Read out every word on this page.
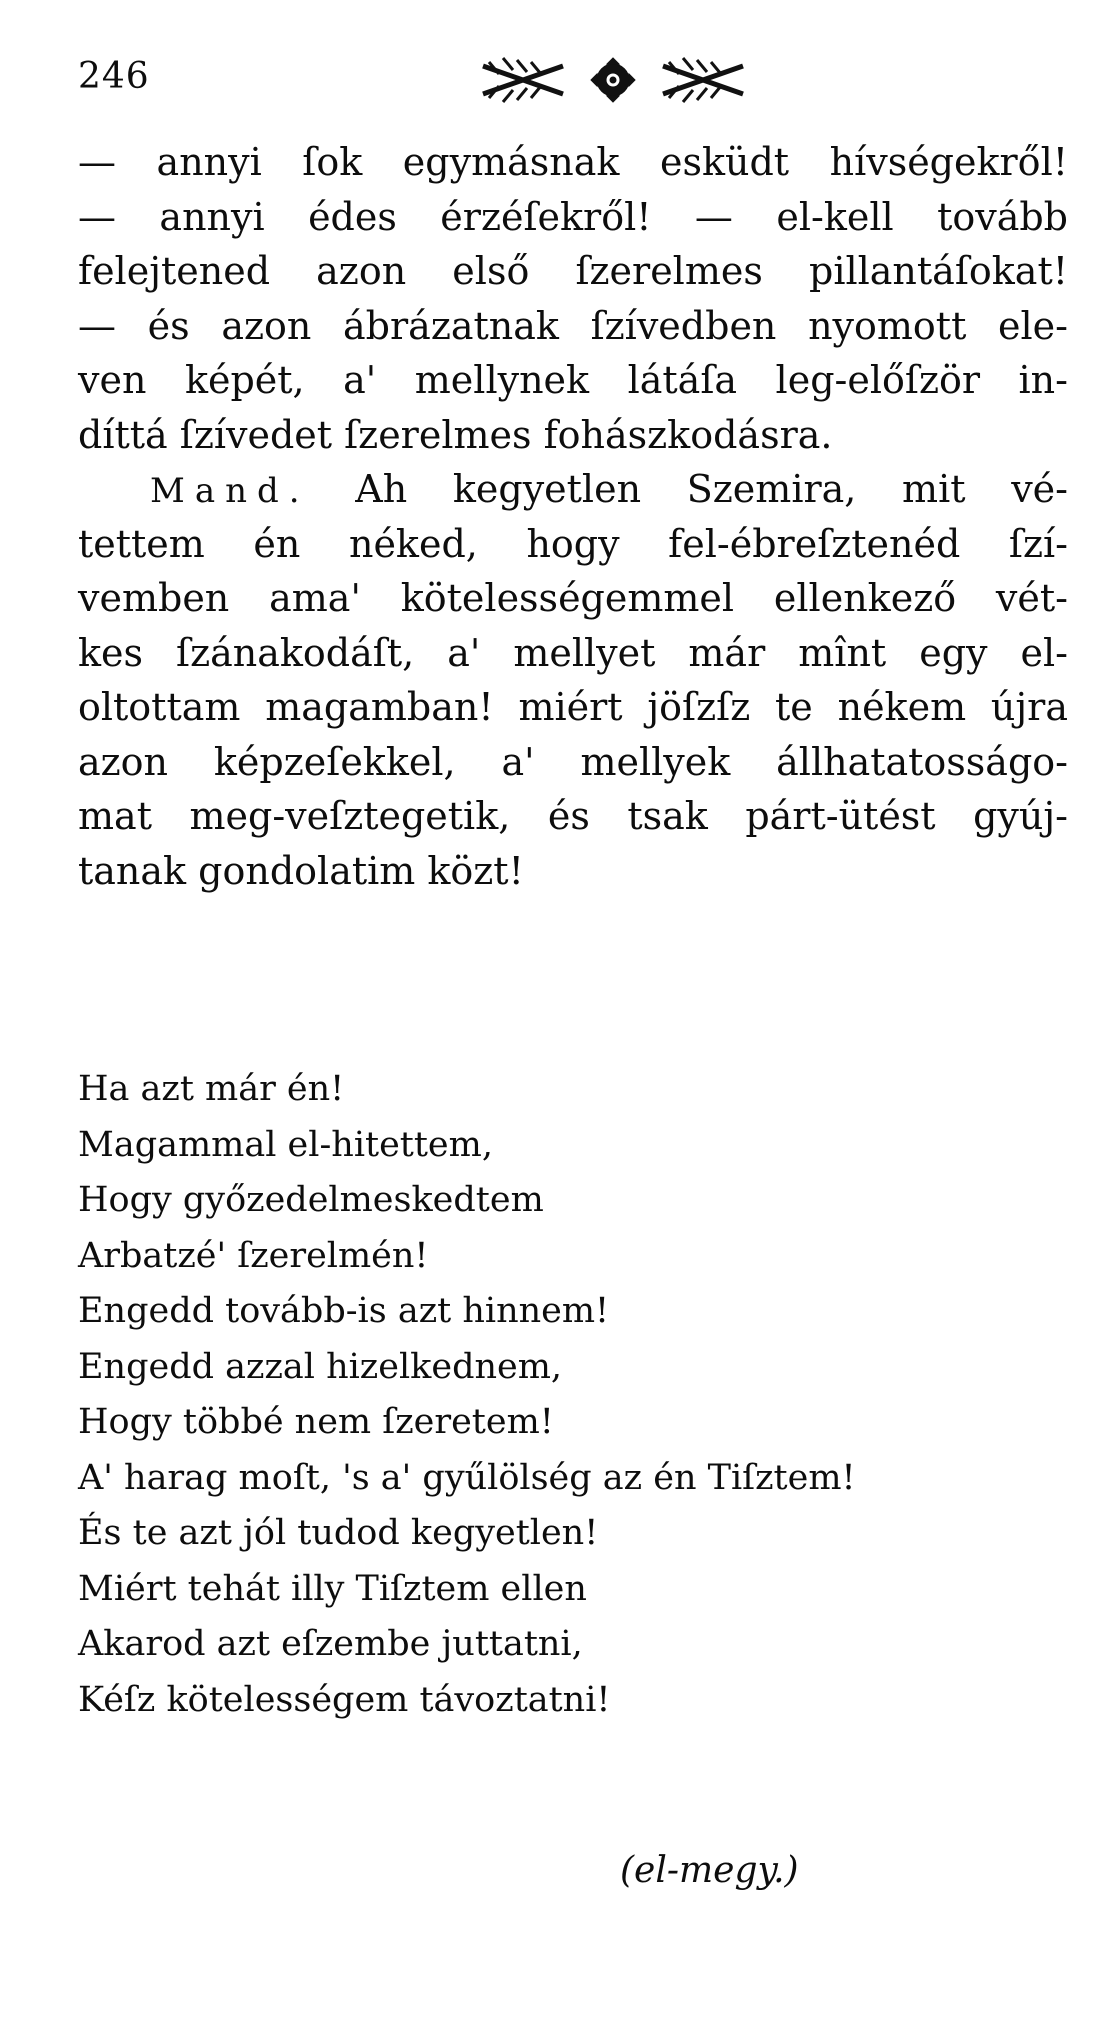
246
— annyi ſok egymásnak esküdt hívségekről!
— annyi édes érzéſekről! — el-kell tovább
felejtened azon első ſzerelmes pillantáſokat!
— és azon ábrázatnak ſzívedben nyomott ele-
ven képét, a' mellynek látáſa leg-előſzör in-
díttá ſzívedet ſzerelmes fohászkodásra.
Mand. Ah kegyetlen Szemira, mit vé-
tettem én néked, hogy fel-ébreſztenéd ſzí-
vemben ama' kötelességemmel ellenkező vét-
kes ſzánakodáſt, a' mellyet már mînt egy el-
oltottam magamban! miért jöſzſz te nékem újra
azon képzeſekkel, a' mellyek állhatatosságo-
mat meg-veſztegetik, és tsak párt-ütést gyúj-
tanak gondolatim közt!
Ha azt már én!
Magammal el-hitettem,
Hogy győzedelmeskedtem
Arbatzé' ſzerelmén!
Engedd tovább-is azt hinnem!
Engedd azzal hizelkednem,
Hogy többé nem ſzeretem!
A' harag moſt, 's a' gyűlölség az én Tiſztem!
És te azt jól tudod kegyetlen!
Miért tehát illy Tiſztem ellen
Akarod azt eſzembe juttatni,
Kéſz kötelességem távoztatni!
(el-megy.)
